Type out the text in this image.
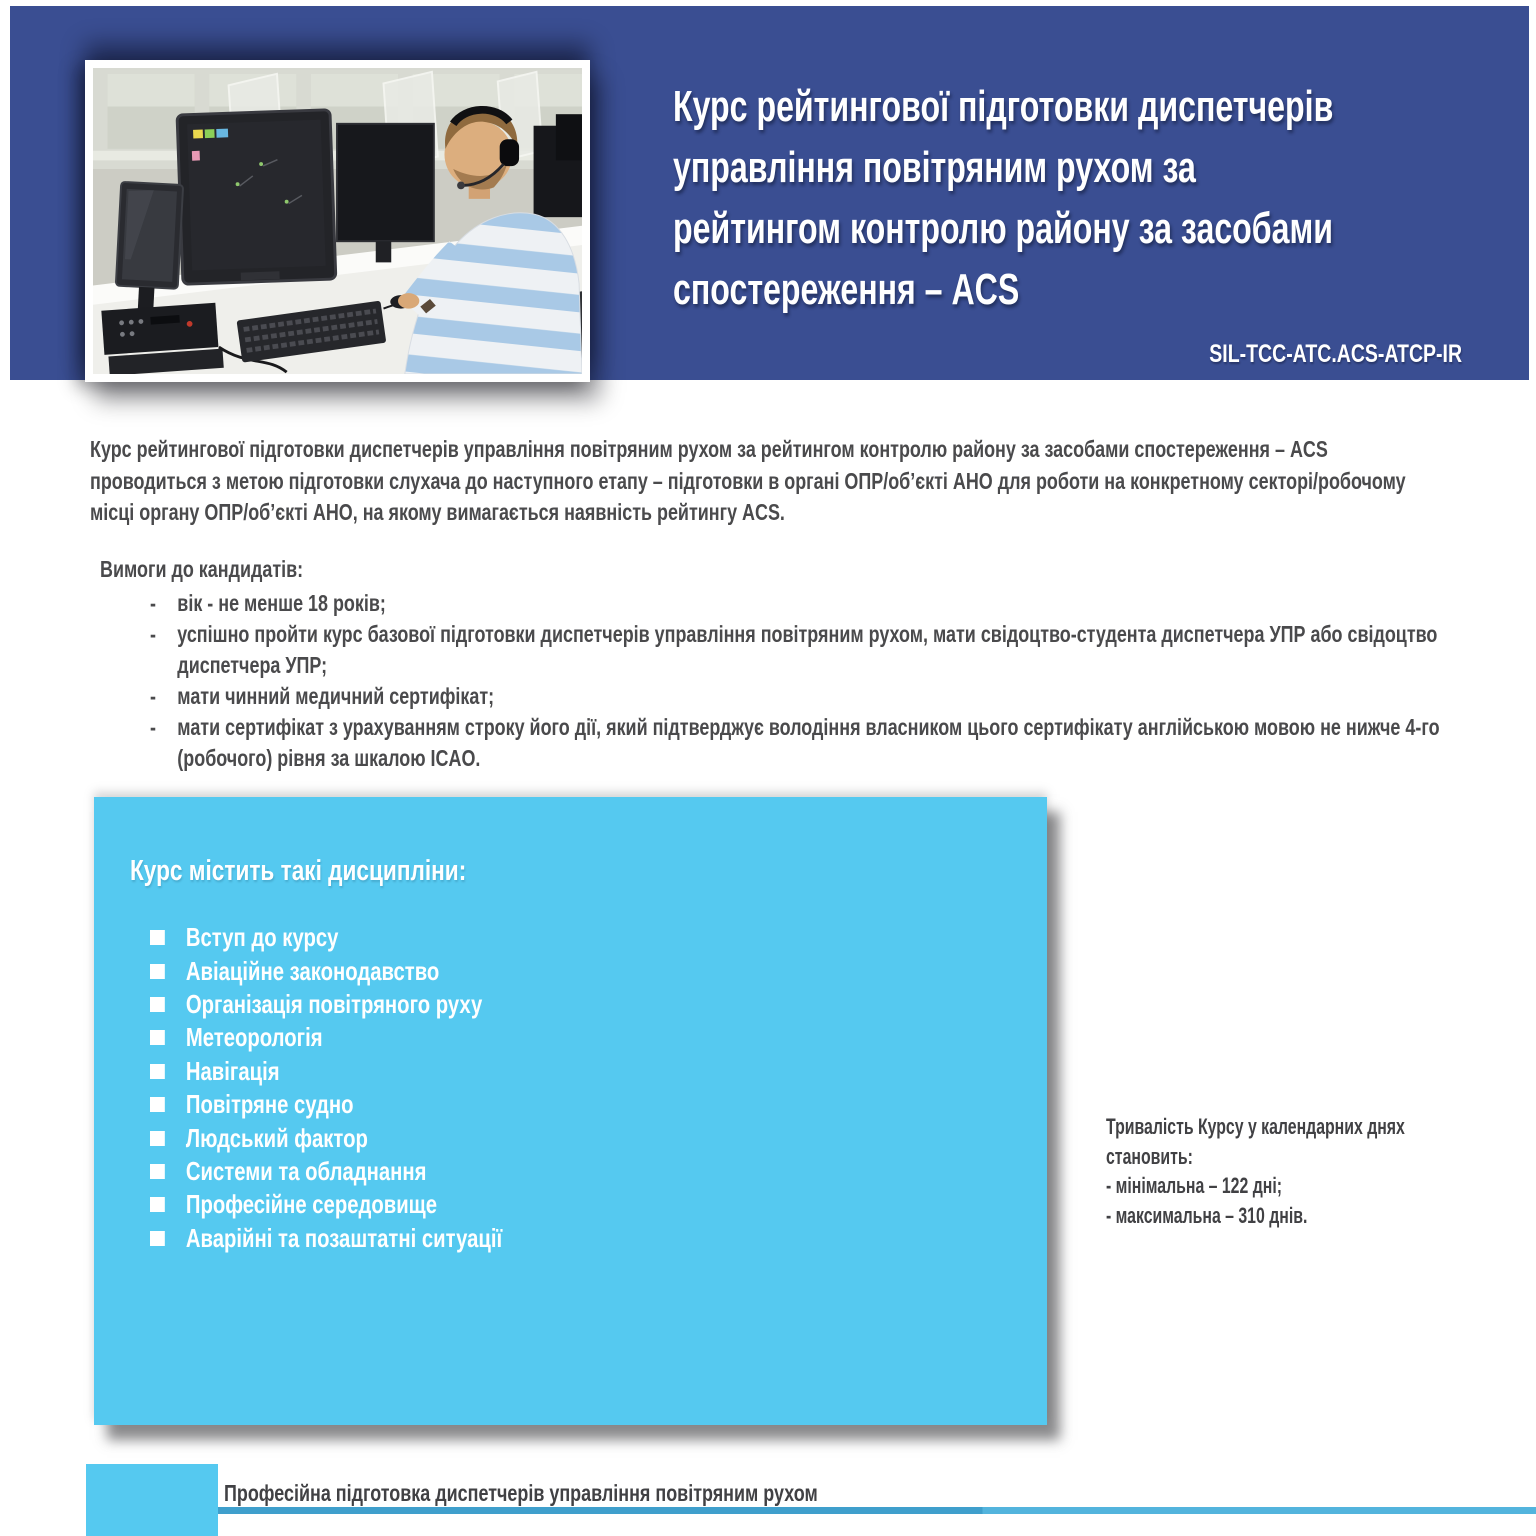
Курс рейтингової підготовки диспетчерів
управління повітряним рухом за
рейтингом контролю району за засобами
спостереження – ACS
SIL-TCC-ATC.ACS-ATCP-IR
Курс рейтингової підготовки диспетчерів управління повітряним рухом за рейтингом контролю району за засобами спостереження – ACS проводиться з метою підготовки слухача до наступного етапу – підготовки в органі ОПР/об’єкті АНО для роботи на конкретному секторі/робочому місці органу ОПР/об’єкті АНО, на якому вимагається наявність рейтингу ACS.
Вимоги до кандидатів:
- вік - не менше 18 років;
- успішно пройти курс базової підготовки диспетчерів управління повітряним рухом, мати свідоцтво-студента диспетчера УПР або свідоцтво диспетчера УПР;
- мати чинний медичний сертифікат;
- мати сертифікат з урахуванням строку його дії, який підтверджує володіння власником цього сертифікату англійською мовою не нижче 4-го (робочого) рівня за шкалою ICAO.
Курс містить такі дисципліни:
Вступ до курсу
Авіаційне законодавство
Організація повітряного руху
Метеорологія
Навігація
Повітряне судно
Людський фактор
Системи та обладнання
Професійне середовище
Аварійні та позаштатні ситуації
Тривалість Курсу у календарних днях
становить:
- мінімальна – 122 дні;
- максимальна – 310 днів.
Професійна підготовка диспетчерів управління повітряним рухом
